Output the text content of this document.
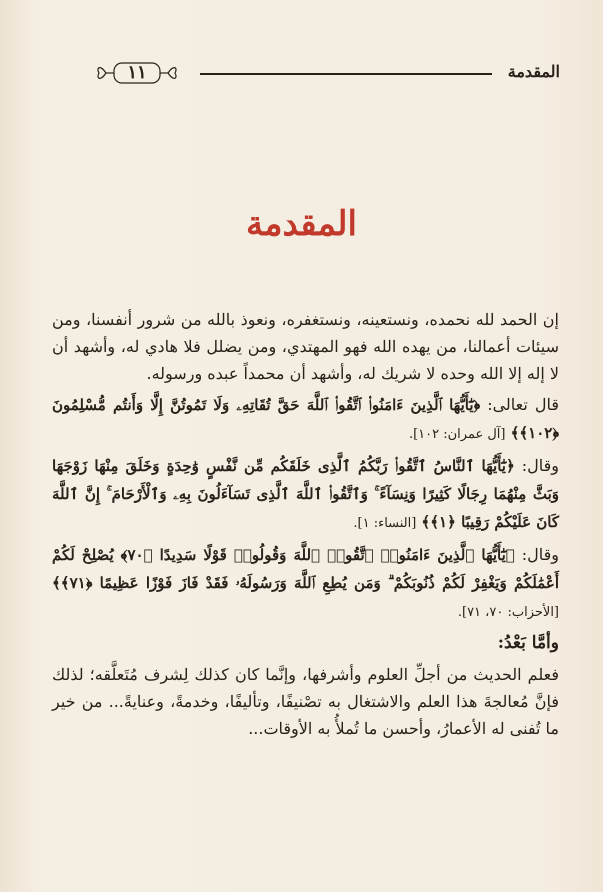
١١	المقدمة
المقدمة

إن الحمد لله نحمده، ونستعينه، ونستغفره، ونعوذ بالله من شرور أنفسنا، ومن سيئات أعمالنا، من يهده الله فهو المهتدي، ومن يضلل فلا هادي له، وأشهد أن لا إله إلا الله وحده لا شريك له، وأشهد أن محمداً عبده ورسوله.

قال تعالى: ﴿يَٰٓأَيُّهَا ٱلَّذِينَ ءَامَنُوا۟ ٱتَّقُوا۟ ٱللَّهَ حَقَّ تُقَاتِهِۦ وَلَا تَمُوتُنَّ إِلَّا وَأَنتُم مُّسْلِمُونَ ﴿١٠٢﴾﴾ [آل عمران: ١٠٢].

وقال: ﴿يَٰٓأَيُّهَا ٱلنَّاسُ ٱتَّقُوا۟ رَبَّكُمُ ٱلَّذِى خَلَقَكُم مِّن نَّفْسٍ وَٰحِدَةٍ وَخَلَقَ مِنْهَا زَوْجَهَا وَبَثَّ مِنْهُمَا رِجَالًا كَثِيرًا وَنِسَآءً ۚ وَٱتَّقُوا۟ ٱللَّهَ ٱلَّذِى تَسَآءَلُونَ بِهِۦ وَٱلْأَرْحَامَ ۚ إِنَّ ٱللَّهَ كَانَ عَلَيْكُمْ رَقِيبًا ﴿١﴾﴾ [النساء: ١].

وقال: ﴿يَٰٓأَيُّهَا ٱلَّذِينَ ءَامَنُوا۟ ٱتَّقُوا۟ ٱللَّهَ وَقُولُوا۟ قَوْلًا سَدِيدًا ﴿٧٠﴾ يُصْلِحْ لَكُمْ أَعْمَٰلَكُمْ وَيَغْفِرْ لَكُمْ ذُنُوبَكُمْ ۗ وَمَن يُطِعِ ٱللَّهَ وَرَسُولَهُۥ فَقَدْ فَازَ فَوْزًا عَظِيمًا ﴿٧١﴾﴾ [الأحزاب: ٧٠، ٧١].

وأمَّا بَعْدُ:

فعلم الحديث من أجلِّ العلوم وأشرفها، وإنَّما كان كذلك لِشرف مُتَعلَّقه؛ لذلك فإنَّ مُعالجةَ هذا العلم والاشتغال به تصْنيفًا، وتأليفًا، وخدمةً، وعنايةً... من خير ما تُفنى له الأعمارُ، وأحسن ما تُملأُ به الأوقات...
